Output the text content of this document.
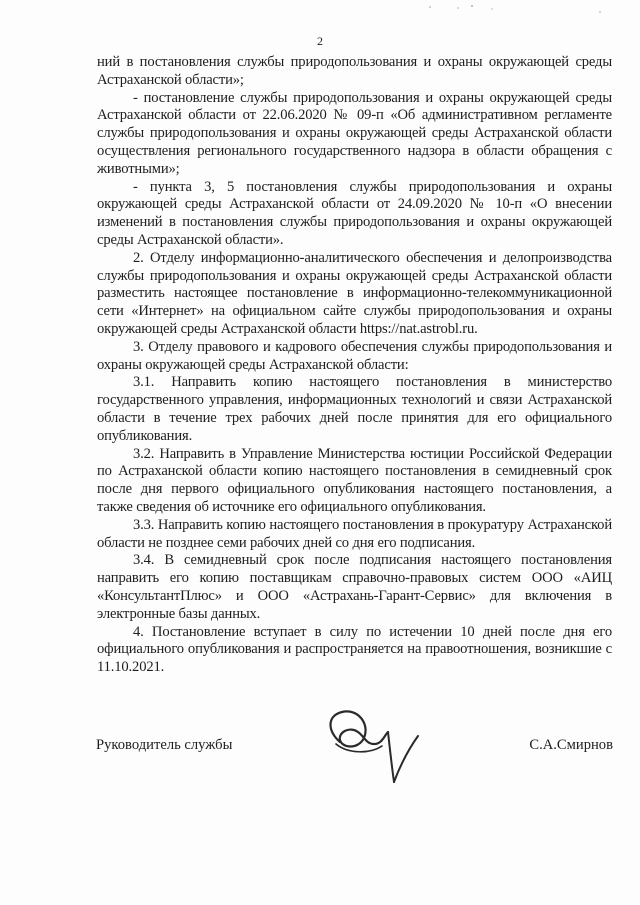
2

ний в постановления службы природопользования и охраны окружающей среды Астраханской области»;

- постановление службы природопользования и охраны окружающей среды Астраханской области от 22.06.2020 № 09-п «Об административном регламенте службы природопользования и охраны окружающей среды Астраханской области осуществления регионального государственного надзора в области обращения с животными»;

- пункта 3, 5 постановления службы природопользования и охраны окружающей среды Астраханской области от 24.09.2020 № 10-п «О внесении изменений в постановления службы природопользования и охраны окружающей среды Астраханской области».

2. Отделу информационно-аналитического обеспечения и делопроизводства службы природопользования и охраны окружающей среды Астраханской области разместить настоящее постановление в информационно-телекоммуникационной сети «Интернет» на официальном сайте службы природопользования и охраны окружающей среды Астраханской области https://nat.astrobl.ru.

3. Отделу правового и кадрового обеспечения службы природопользования и охраны окружающей среды Астраханской области:

3.1. Направить копию настоящего постановления в министерство государственного управления, информационных технологий и связи Астраханской области в течение трех рабочих дней после принятия для его официального опубликования.

3.2. Направить в Управление Министерства юстиции Российской Федерации по Астраханской области копию настоящего постановления в семидневный срок после дня первого официального опубликования настоящего постановления, а также сведения об источнике его официального опубликования.

3.3. Направить копию настоящего постановления в прокуратуру Астраханской области не позднее семи рабочих дней со дня его подписания.

3.4. В семидневный срок после подписания настоящего постановления направить его копию поставщикам справочно-правовых систем ООО «АИЦ «КонсультантПлюс» и ООО «Астрахань-Гарант-Сервис» для включения в электронные базы данных.

4. Постановление вступает в силу по истечении 10 дней после дня его официального опубликования и распространяется на правоотношения, возникшие с 11.10.2021.

Руководитель службы	С.А.Смирнов
